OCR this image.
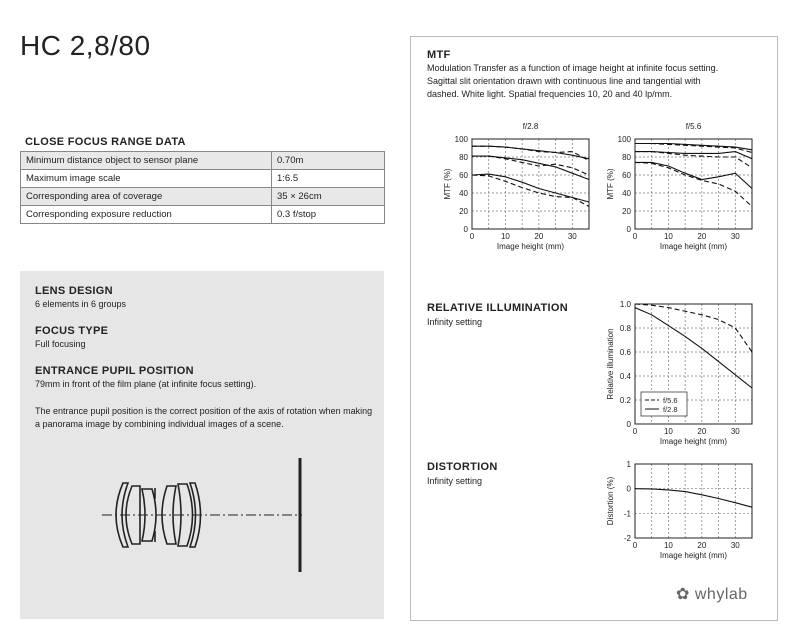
HC 2,8/80
CLOSE FOCUS RANGE DATA
Minimum distance object to sensor plane	0.70m
Maximum image scale	1:6.5
Corresponding area of coverage	35 × 26cm
Corresponding exposure reduction	0.3 f/stop
LENS DESIGN
6 elements in 6 groups
FOCUS TYPE
Full focusing
ENTRANCE PUPIL POSITION
79mm in front of the film plane (at infinite focus setting).
The entrance pupil position is the correct position of the axis of rotation when making a panorama image by combining individual images of a scene.
MTF
Modulation Transfer as a function of image height at infinite focus setting.
Sagittal slit orientation drawn with continuous line and tangential with
dashed. White light. Spatial frequencies 10, 20 and 40 lp/mm.
RELATIVE ILLUMINATION
Infinity setting
DISTORTION
Infinity setting
0
20
40
60
80
100
0	10	20	30
Image height (mm)
MTF (%)
f/2.8
0
20
40
60
80
100
0	10	20	30
Image height (mm)
MTF (%)
f/5.6
0
0.2
0.4
0.6
0.8
1.0
0	10	20	30
Image height (mm)
Relative illumination
f/5.6
f/2.8
-2
-1
0
1
0	10	20	30
Image height (mm)
Distortion (%)
✿ whylab
